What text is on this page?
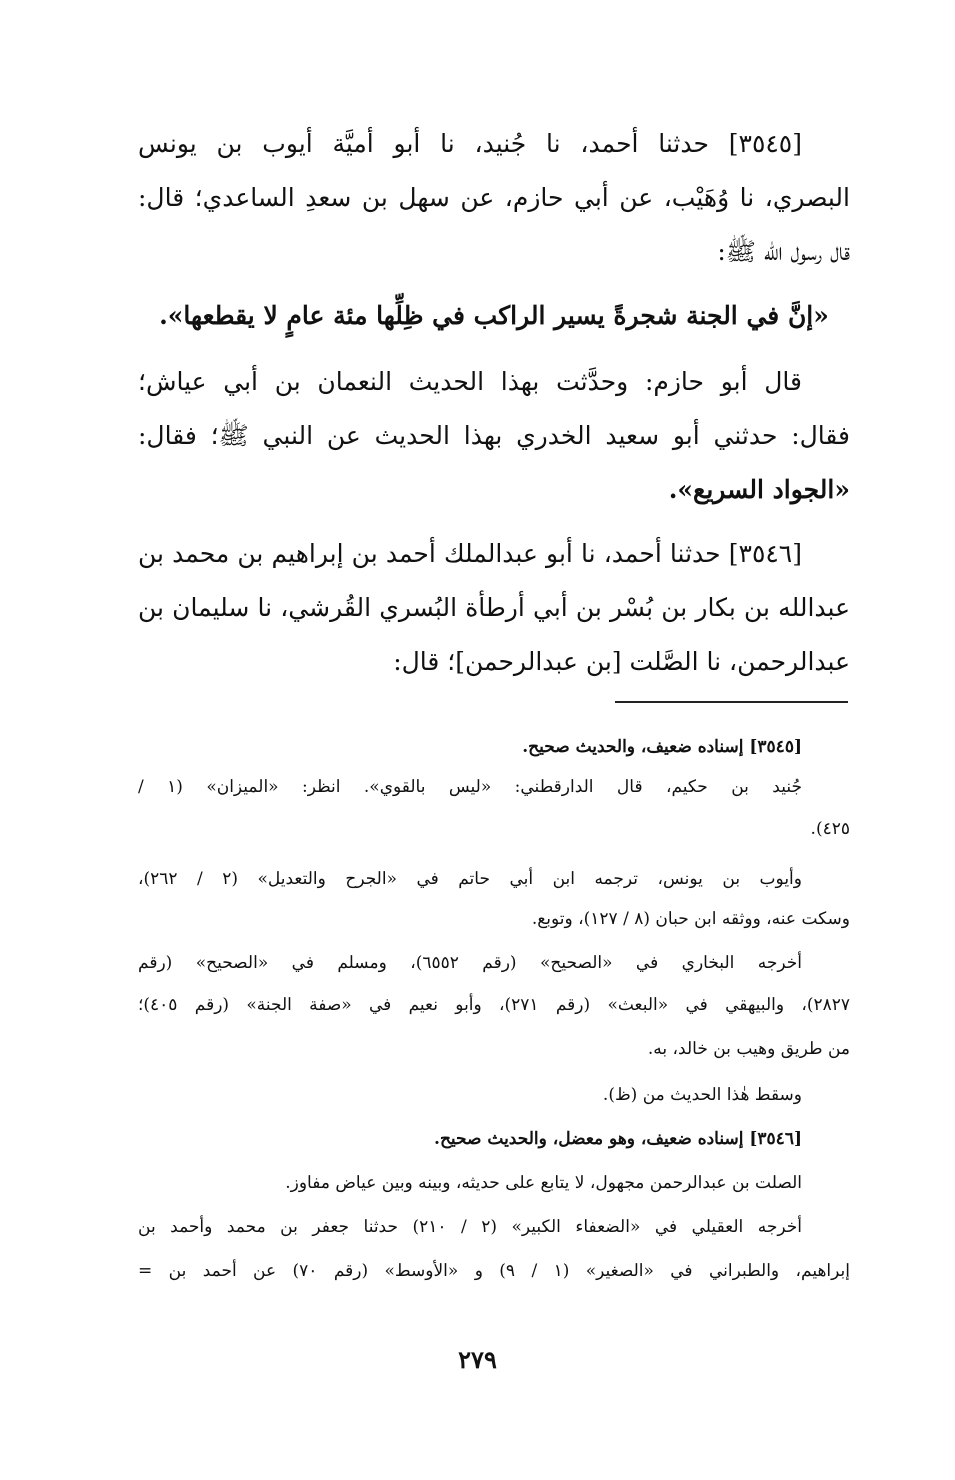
[٣٥٤٥] حدثنا أحمد، نا جُنيد، نا أبو أميَّة أيوب بن يونس
البصري، نا وُهَيْب، عن أبي حازم، عن سهل بن سعدِ الساعدي؛ قال:
قال رسول الله ﷺ:
«إنَّ في الجنة شجرةً يسير الراكب في ظِلِّها مئة عامٍ لا يقطعها».
قال أبو حازم: وحدَّثت بهذا الحديث النعمان بن أبي عياش؛
فقال: حدثني أبو سعيد الخدري بهذا الحديث عن النبي ﷺ؛ فقال:
«الجواد السريع».
[٣٥٤٦] حدثنا أحمد، نا أبو عبدالملك أحمد بن إبراهيم بن محمد بن
عبدالله بن بكار بن بُسْر بن أبي أرطأة البُسري القُرشي، نا سليمان بن
عبدالرحمن، نا الصَّلت [بن عبدالرحمن]؛ قال:
[٣٥٤٥] إسناده ضعيف، والحديث صحيح.
جُنيد بن حكيم، قال الدارقطني: «ليس بالقوي». انظر: «الميزان» (١ /
٤٢٥).
وأيوب بن يونس، ترجمه ابن أبي حاتم في «الجرح والتعديل» (٢ / ٢٦٢)،
وسكت عنه، ووثقه ابن حبان (٨ / ١٢٧)، وتوبع.
أخرجه البخاري في «الصحيح» (رقم ٦٥٥٢)، ومسلم في «الصحيح» (رقم
٢٨٢٧)، والبيهقي في «البعث» (رقم ٢٧١)، وأبو نعيم في «صفة الجنة» (رقم ٤٠٥)؛
من طريق وهيب بن خالد، به.
وسقط هٰذا الحديث من (ظ).
[٣٥٤٦] إسناده ضعيف، وهو معضل، والحديث صحيح.
الصلت بن عبدالرحمن مجهول، لا يتابع على حديثه، وبينه وبين عياض مفاوز.
أخرجه العقيلي في «الضعفاء الكبير» (٢ / ٢١٠) حدثنا جعفر بن محمد وأحمد بن
إبراهيم، والطبراني في «الصغير» (١ / ٩) و «الأوسط» (رقم ٧٠) عن أحمد بن =
٢٧٩
